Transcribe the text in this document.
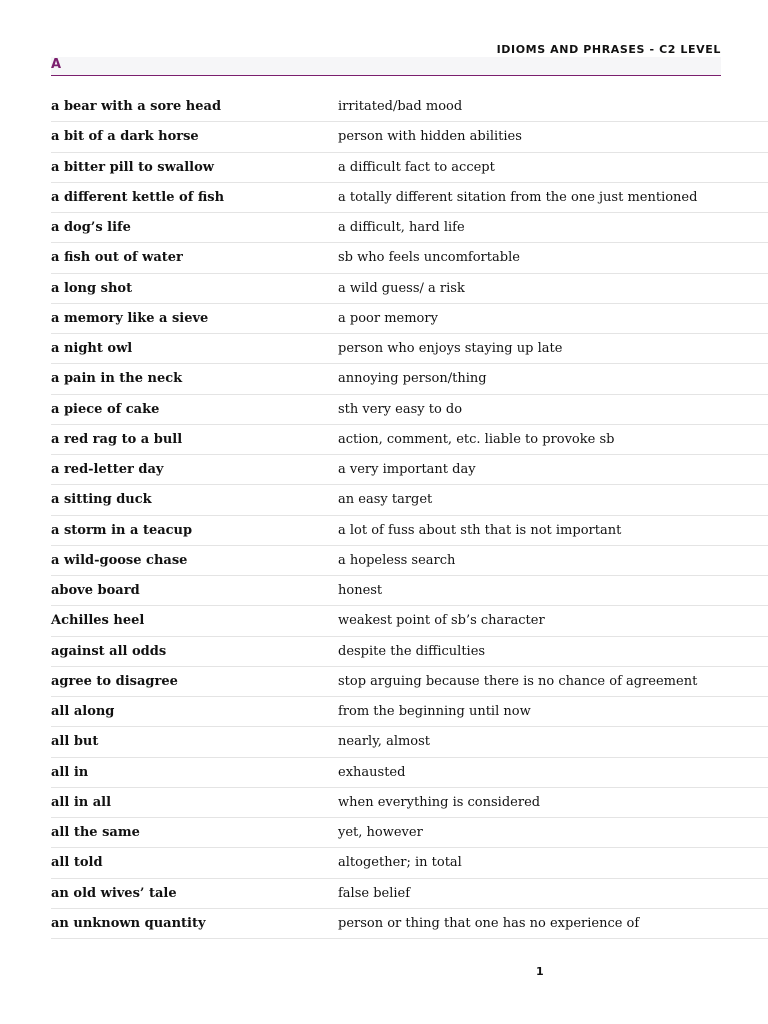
IDIOMS AND PHRASES - C2 LEVEL
A
a bear with a sore head	irritated/bad mood
a bit of a dark horse	person with hidden abilities
a bitter pill to swallow	a difficult fact to accept
a different kettle of fish	a totally different sitation from the one just mentioned
a dog’s life	a difficult, hard life
a fish out of water	sb who feels uncomfortable
a long shot	a wild guess/ a risk
a memory like a sieve	a poor memory
a night owl	person who enjoys staying up late
a pain in the neck	annoying person/thing
a piece of cake	sth very easy to do
a red rag to a bull	action, comment, etc. liable to provoke sb
a red-letter day	a very important day
a sitting duck	an easy target
a storm in a teacup	a lot of fuss about sth that is not important
a wild-goose chase	a hopeless search
above board	honest
Achilles heel	weakest point of sb’s character
against all odds	despite the difficulties
agree to disagree	stop arguing because there is no chance of agreement
all along	from the beginning until now
all but	nearly, almost
all in	exhausted
all in all	when everything is considered
all the same	yet, however
all told	altogether; in total
an old wives’ tale	false belief
an unknown quantity	person or thing that one has no experience of
1
